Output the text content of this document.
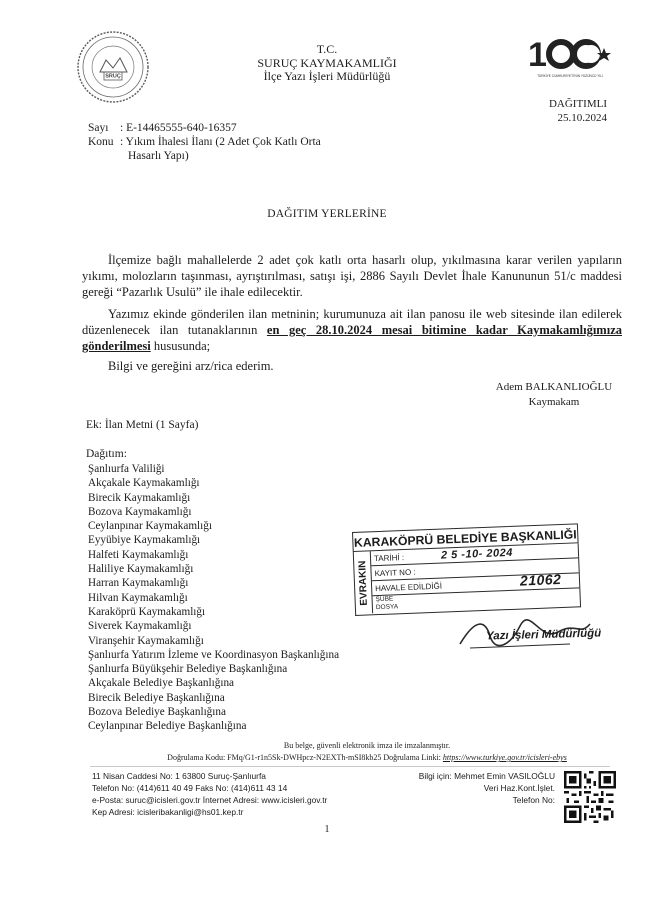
SRUÇ
T.C.
SURUÇ KAYMAKAMLIĞI
İlçe Yazı İşleri Müdürlüğü
1
TÜRKİYE CUMHURİYETİ'NİN YÜZÜNCÜ YILI
DAĞITIMLI
25.10.2024
Sayı : E-14465555-640-16357
Konu : Yıkım İhalesi İlanı (2 Adet Çok Katlı Orta
Hasarlı Yapı)
DAĞITIM YERLERİNE
İlçemize bağlı mahallelerde 2 adet çok katlı orta hasarlı olup, yıkılmasına karar verilen yapıların yıkımı, molozların taşınması, ayrıştırılması, satışı işi, 2886 Sayılı Devlet İhale Kanununun 51/c maddesi gereği “Pazarlık Usulü” ile ihale edilecektir.
Yazımız ekinde gönderilen ilan metninin; kurumunuza ait ilan panosu ile web sitesinde ilan edilerek düzenlenecek ilan tutanaklarının en geç 28.10.2024 mesai bitimine kadar Kaymakamlığımıza gönderilmesi hususunda;
Bilgi ve gereğini arz/rica ederim.
Adem BALKANLIOĞLU
Kaymakam
Ek: İlan Metni (1 Sayfa)
Dağıtım:
Şanlıurfa Valiliği
Akçakale Kaymakamlığı
Birecik Kaymakamlığı
Bozova Kaymakamlığı
Ceylanpınar Kaymakamlığı
Eyyübiye Kaymakamlığı
Halfeti Kaymakamlığı
Haliliye Kaymakamlığı
Harran Kaymakamlığı
Hilvan Kaymakamlığı
Karaköprü Kaymakamlığı
Siverek Kaymakamlığı
Viranşehir Kaymakamlığı
Şanlıurfa Yatırım İzleme ve Koordinasyon Başkanlığına
Şanlıurfa Büyükşehir Belediye Başkanlığına
Akçakale Belediye Başkanlığına
Birecik Belediye Başkanlığına
Bozova Belediye Başkanlığına
Ceylanpınar Belediye Başkanlığına
KARAKÖPRÜ BELEDİYE BAŞKANLIĞI
EVRAKIN
TARİHİ :	2 5 -10- 2024
KAYIT NO :
HAVALE EDİLDİĞİ	21062
ŞUBE
DOSYA
Yazı İşleri Müdürlüğü
Bu belge, güvenli elektronik imza ile imzalanmıştır.
Doğrulama Kodu: FMq/G1-r1n5Sk-DWHpcz-N2EXTh-mSI8kb25 Doğrulama Linki: https://www.turkiye.gov.tr/icisleri-ebys
11 Nisan Caddesi No: 1 63800 Suruç-Şanlıurfa
Telefon No: (414)611 40 49 Faks No: (414)611 43 14
e-Posta: suruc@icisleri.gov.tr İnternet Adresi: www.icisleri.gov.tr
Kep Adresi: icisleribakanligi@hs01.kep.tr
Bilgi için: Mehmet Emin VASILOĞLU
Veri Haz.Kont.İşlet.
Telefon No:
1
